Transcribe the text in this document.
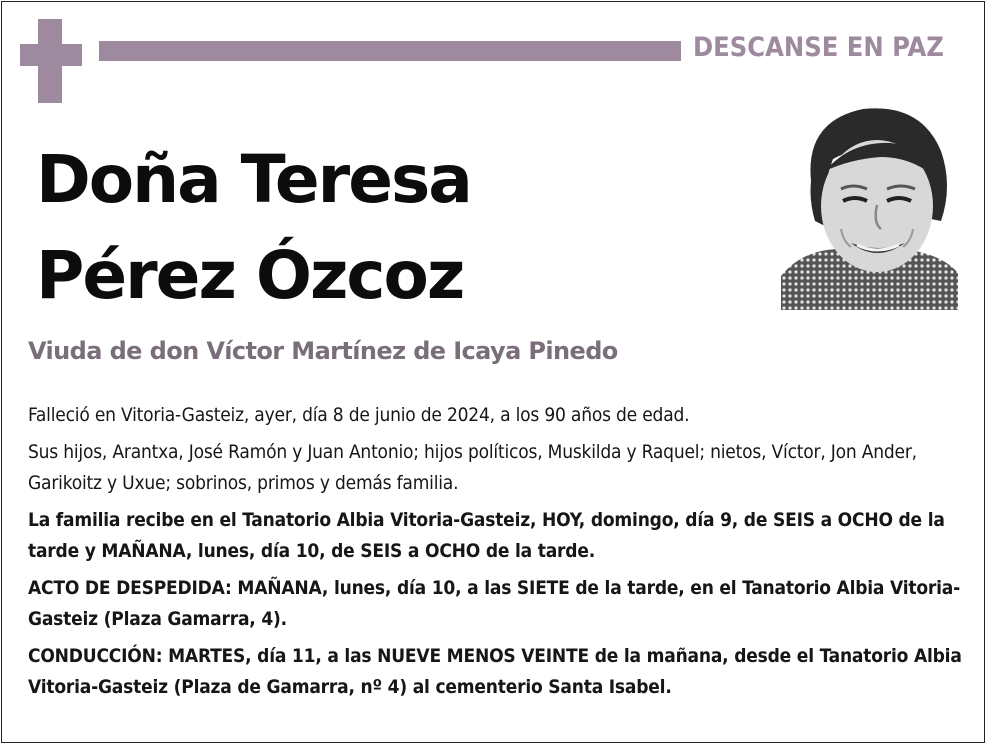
DESCANSE EN PAZ
Doña Teresa
Pérez Ózcoz
Viuda de don Víctor Martínez de Icaya Pinedo

Falleció en Vitoria-Gasteiz, ayer, día 8 de junio de 2024, a los 90 años de edad.

Sus hijos, Arantxa, José Ramón y Juan Antonio; hijos políticos, Muskilda y Raquel; nietos, Víctor, Jon Ander, Garikoitz y Uxue; sobrinos, primos y demás familia.

La familia recibe en el Tanatorio Albia Vitoria-Gasteiz, HOY, domingo, día 9, de SEIS a OCHO de la tarde y MAÑANA, lunes, día 10, de SEIS a OCHO de la tarde.

ACTO DE DESPEDIDA: MAÑANA, lunes, día 10, a las SIETE de la tarde, en el Tanatorio Albia Vitoria-Gasteiz (Plaza Gamarra, 4).

CONDUCCIÓN: MARTES, día 11, a las NUEVE MENOS VEINTE de la mañana, desde el Tanatorio Albia Vitoria-Gasteiz (Plaza de Gamarra, nº 4) al cementerio Santa Isabel.
